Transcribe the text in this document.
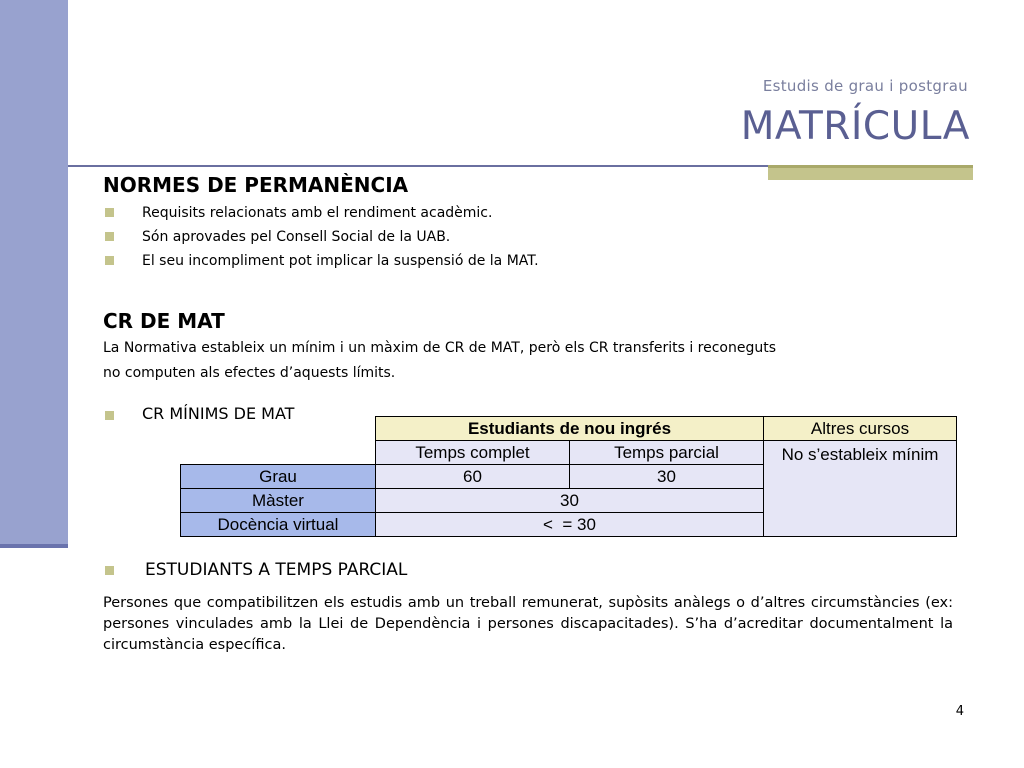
Estudis de grau i postgrau
MATRÍCULA
NORMES DE PERMANÈNCIA
Requisits relacionats amb el rendiment acadèmic.
Són aprovades pel Consell Social de la UAB.
El seu incompliment pot implicar la suspensió de la MAT.
CR DE MAT
La Normativa estableix un mínim i un màxim de CR de MAT, però els CR transferits i reconeguts
no computen als efectes d’aquests límits.
CR MÍNIMS DE MAT
	Estudiants de nou ingrés		Altres cursos
	Temps complet	Temps parcial	No s’estableix mínim
Grau	60	30	
Màster	30		
Docència virtual	<  = 30		
ESTUDIANTS A TEMPS PARCIAL
Persones que compatibilitzen els estudis amb un treball remunerat, supòsits anàlegs o d’altres circumstàncies (ex: persones vinculades amb la Llei de Dependència i persones discapacitades). S’ha d’acreditar documentalment la circumstància específica.
4
